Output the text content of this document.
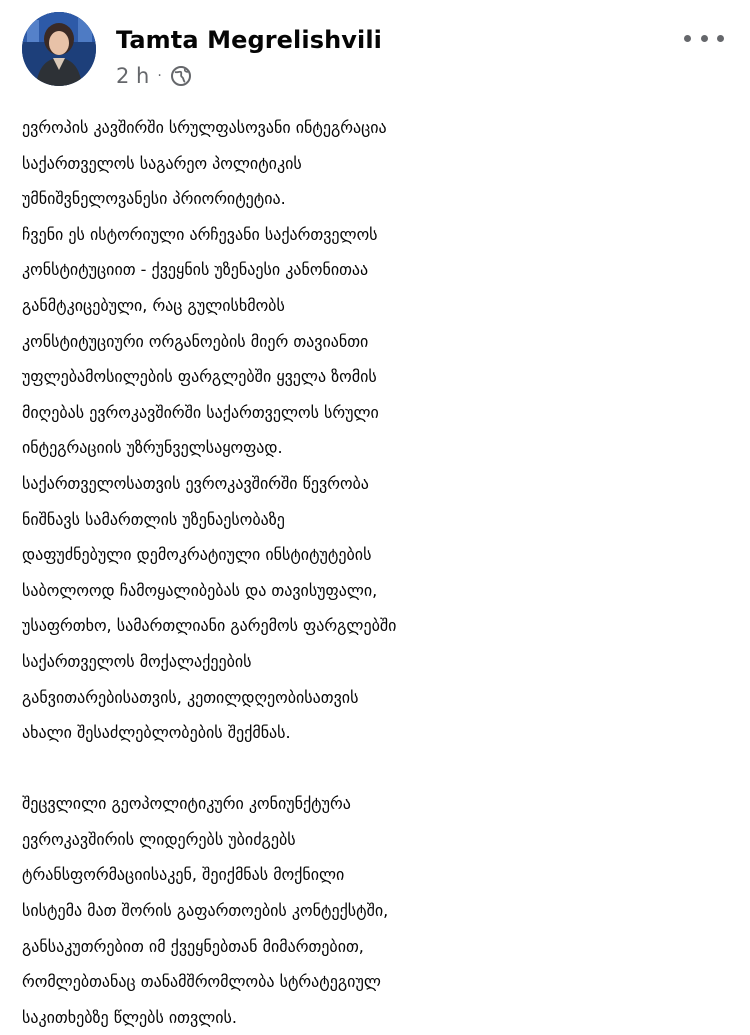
Tamta Megrelishvili
2 h ·
ევროპის კავშირში სრულფასოვანი ინტეგრაცია
საქართველოს საგარეო პოლიტიკის
უმნიშვნელოვანესი პრიორიტეტია.
ჩვენი ეს ისტორიული არჩევანი საქართველოს
კონსტიტუციით - ქვეყნის უზენაესი კანონითაა
განმტკიცებული, რაც გულისხმობს
კონსტიტუციური ორგანოების მიერ თავიანთი
უფლებამოსილების ფარგლებში ყველა ზომის
მიღებას ევროკავშირში საქართველოს სრული
ინტეგრაციის უზრუნველსაყოფად.
საქართველოსათვის ევროკავშირში წევრობა
ნიშნავს სამართლის უზენაესობაზე
დაფუძნებული დემოკრატიული ინსტიტუტების
საბოლოოდ ჩამოყალიბებას და თავისუფალი,
უსაფრთხო, სამართლიანი გარემოს ფარგლებში
საქართველოს მოქალაქეების
განვითარებისათვის, კეთილდღეობისათვის
ახალი შესაძლებლობების შექმნას.
შეცვლილი გეოპოლიტიკური კონიუნქტურა
ევროკავშირის ლიდერებს უბიძგებს
ტრანსფორმაციისაკენ, შეიქმნას მოქნილი
სისტემა მათ შორის გაფართოების კონტექსტში,
განსაკუთრებით იმ ქვეყნებთან მიმართებით,
რომლებთანაც თანამშრომლობა სტრატეგიულ
საკითხებზე წლებს ითვლის.
